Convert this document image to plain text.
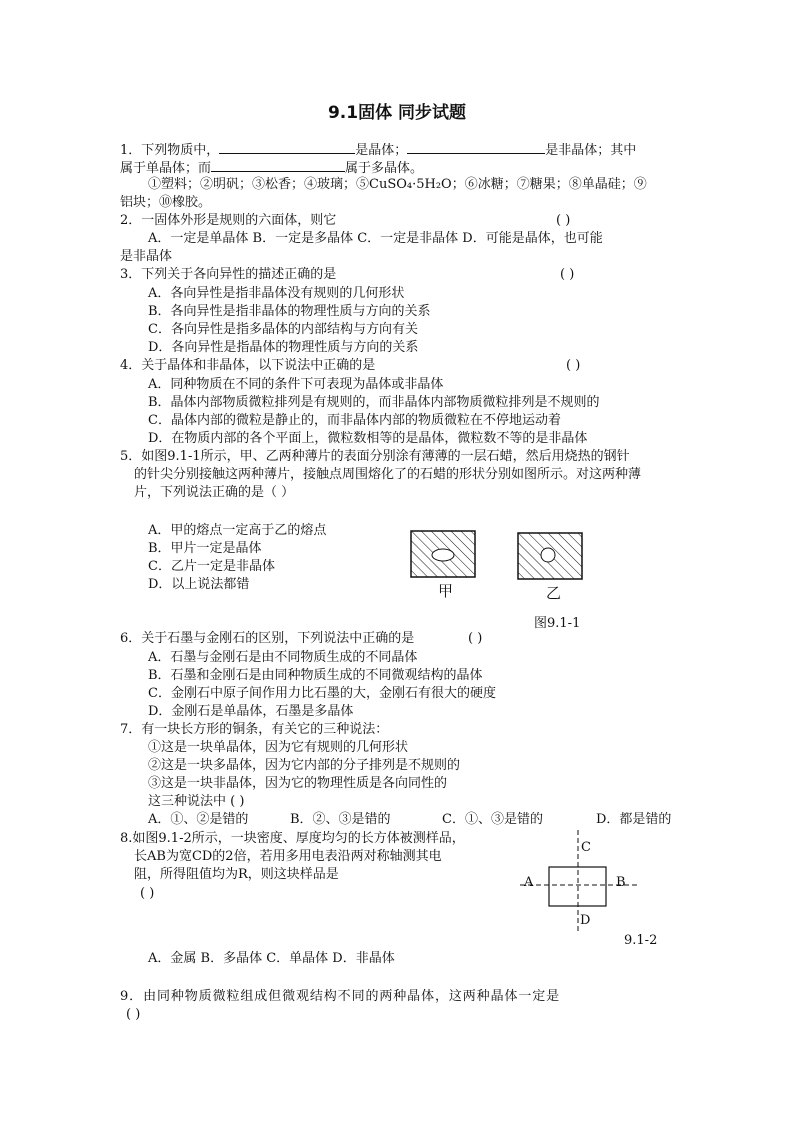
9.1固体 同步试题
1．下列物质中，	是晶体；	是非晶体；其中
属于单晶体；而	属于多晶体。
①塑料；②明矾；③松香；④玻璃；⑤CuSO₄·5H₂O；⑥冰糖；⑦糖果；⑧单晶硅；⑨
铝块；⑩橡胶。
2．一固体外形是规则的六面体，则它	( )
A．一定是单晶体 B．一定是多晶体 C．一定是非晶体 D．可能是晶体，也可能
是非晶体
3．下列关于各向异性的描述正确的是	( )
A．各向异性是指非晶体没有规则的几何形状
B．各向异性是指非晶体的物理性质与方向的关系
C．各向异性是指多晶体的内部结构与方向有关
D．各向异性是指晶体的物理性质与方向的关系
4．关于晶体和非晶体，以下说法中正确的是	( )
A．同种物质在不同的条件下可表现为晶体或非晶体
B．晶体内部物质微粒排列是有规则的，而非晶体内部物质微粒排列是不规则的
C．晶体内部的微粒是静止的，而非晶体内部的物质微粒在不停地运动着
D．在物质内部的各个平面上，微粒数相等的是晶体，微粒数不等的是非晶体
5．如图9.1-1所示，甲、乙两种薄片的表面分别涂有薄薄的一层石蜡，然后用烧热的钢针
的针尖分别接触这两种薄片，接触点周围熔化了的石蜡的形状分别如图所示。对这两种薄
片，下列说法正确的是（ ）
A．甲的熔点一定高于乙的熔点
B．甲片一定是晶体
C．乙片一定是非晶体
D．以上说法都错	甲	乙
图9.1-1
6．关于石墨与金刚石的区别，下列说法中正确的是	( )
A．石墨与金刚石是由不同物质生成的不同晶体
B．石墨和金刚石是由同种物质生成的不同微观结构的晶体
C．金刚石中原子间作用力比石墨的大，金刚石有很大的硬度
D．金刚石是单晶体，石墨是多晶体
7．有一块长方形的铜条，有关它的三种说法：
①这是一块单晶体，因为它有规则的几何形状
②这是一块多晶体，因为它内部的分子排列是不规则的
③这是一块非晶体，因为它的物理性质是各向同性的
这三种说法中 ( )
A．①、②是错的	B．②、③是错的	C．①、③是错的	D．都是错的
8.如图9.1-2所示，一块密度、厚度均匀的长方体被测样品，
长AB为宽CD的2倍，若用多用电表沿两对称轴测其电
阻，所得阻值均为R，则这块样品是
( )
A	B
C
D
9.1-2
A．金属 B．多晶体 C．单晶体 D．非晶体
9．由同种物质微粒组成但微观结构不同的两种晶体，这两种晶体一定是
( )
